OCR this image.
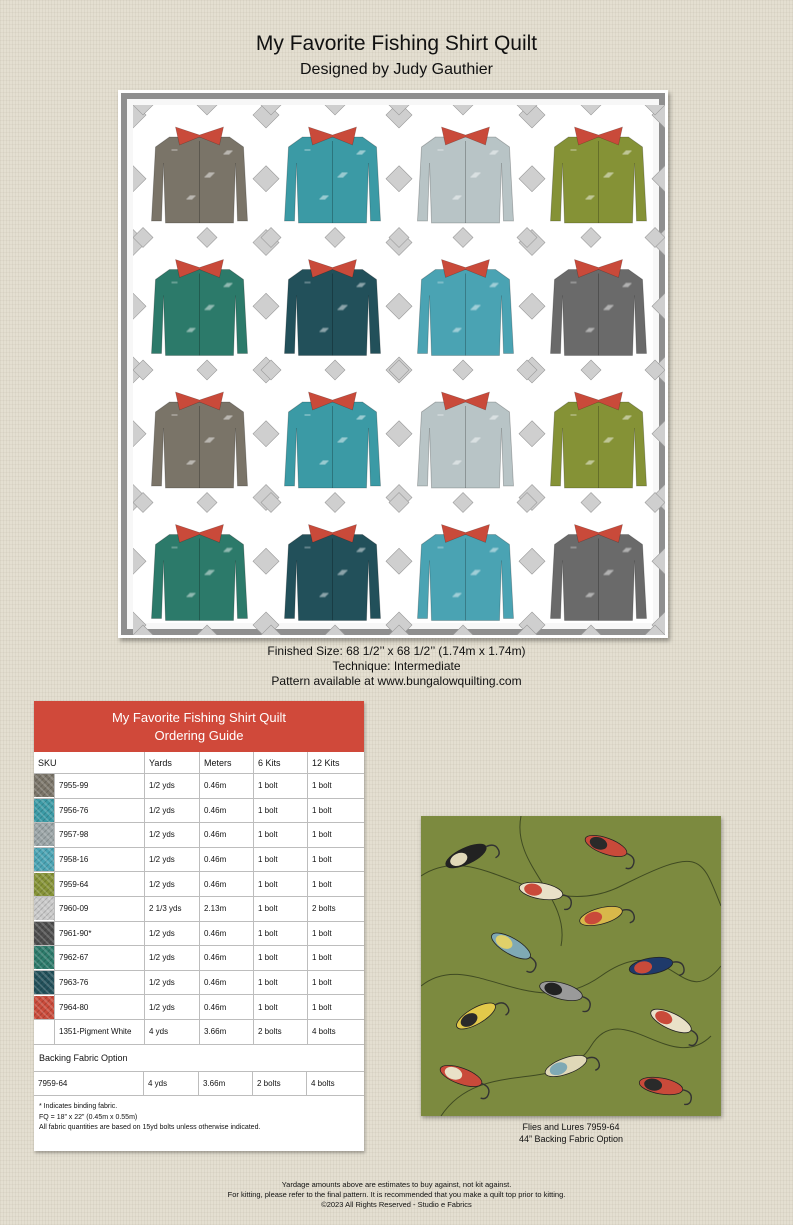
My Favorite Fishing Shirt Quilt
Designed by Judy Gauthier
Finished Size: 68 1/2’’ x 68 1/2’’ (1.74m x 1.74m)
Technique: Intermediate
Pattern available at www.bungalowquilting.com
My Favorite Fishing Shirt Quilt
Ordering Guide
SKU		Yards	Meters	6 Kits	12 Kits

	7955-99	1/2 yds	0.46m	1 bolt	1 bolt

	7956-76	1/2 yds	0.46m	1 bolt	1 bolt

	7957-98	1/2 yds	0.46m	1 bolt	1 bolt

	7958-16	1/2 yds	0.46m	1 bolt	1 bolt

	7959-64	1/2 yds	0.46m	1 bolt	1 bolt

	7960-09	2 1/3 yds	2.13m	1 bolt	2 bolts

	7961-90*	1/2 yds	0.46m	1 bolt	1 bolt

	7962-67	1/2 yds	0.46m	1 bolt	1 bolt

	7963-76	1/2 yds	0.46m	1 bolt	1 bolt

	7964-80	1/2 yds	0.46m	1 bolt	1 bolt

	1351-Pigment White	4 yds	3.66m	2 bolts	4 bolts
Backing Fabric Option
7959-64	4 yds	3.66m	2 bolts	4 bolts
* Indicates binding fabric.
FQ = 18” x 22” (0.45m x 0.55m)
All fabric quantities are based on 15yd bolts unless otherwise indicated.	Flies and Lures 7959-64
44” Backing Fabric Option
Yardage amounts above are estimates to buy against, not kit against.
For kitting, please refer to the final pattern. It is recommended that you make a quilt top prior to kitting.
©2023 All Rights Reserved - Studio e Fabrics
